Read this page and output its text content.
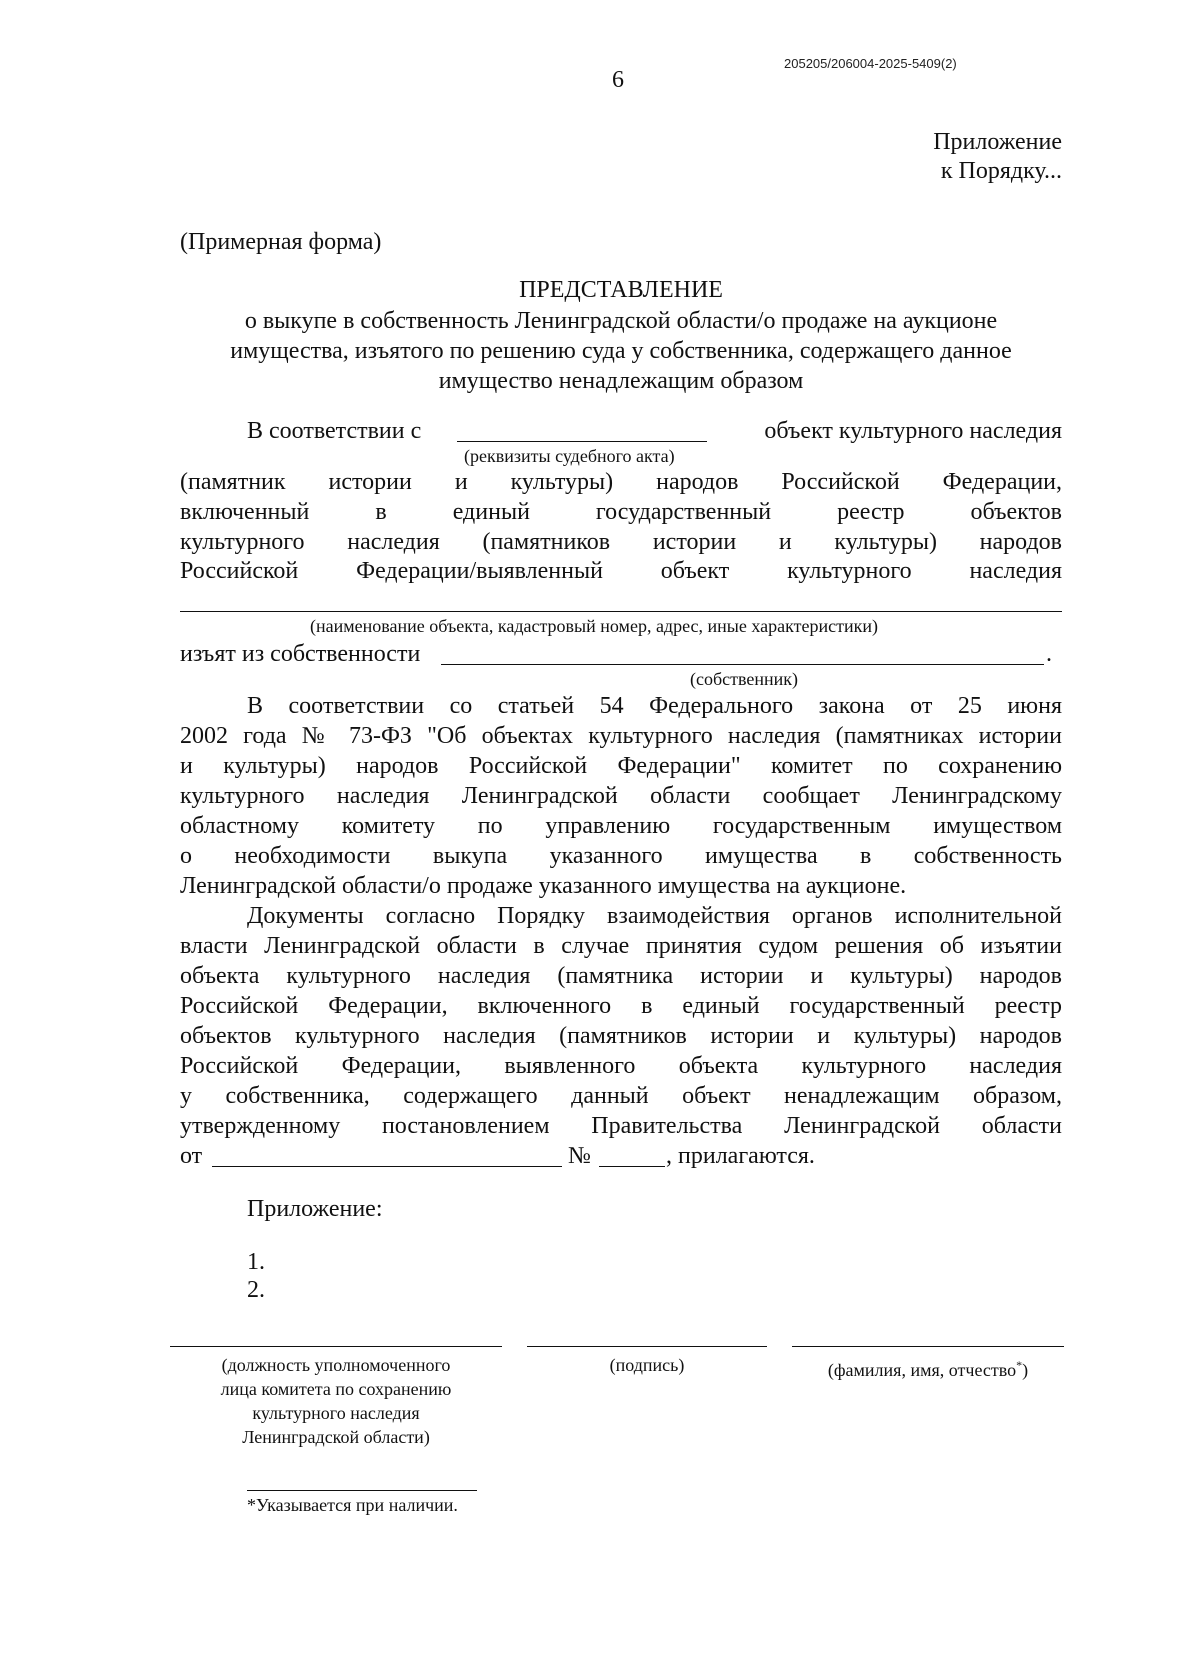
6
205205/206004-2025-5409(2)
Приложение
к Порядку...
(Примерная форма)
ПРЕДСТАВЛЕНИЕ
о выкупе в собственность Ленинградской области/о продаже на аукционе
имущества, изъятого по решению суда у собственника, содержащего данное
имущество ненадлежащим образом
В соответствии с	объект культурного наследия
(реквизиты судебного акта)
(памятник истории и культуры) народов Российской Федерации,
включенный в единый государственный реестр объектов
культурного наследия (памятников истории и культуры) народов
Российской Федерации/выявленный объект культурного наследия
(наименование объекта, кадастровый номер, адрес, иные характеристики)
изъят из собственности	.
(собственник)
В соответствии со статьей 54 Федерального закона от 25 июня
2002 года № 73-ФЗ "Об объектах культурного наследия (памятниках истории
и культуры) народов Российской Федерации" комитет по сохранению
культурного наследия Ленинградской области сообщает Ленинградскому
областному комитету по управлению государственным имуществом
о необходимости выкупа указанного имущества в собственность
Ленинградской области/о продаже указанного имущества на аукционе.
Документы согласно Порядку взаимодействия органов исполнительной
власти Ленинградской области в случае принятия судом решения об изъятии
объекта культурного наследия (памятника истории и культуры) народов
Российской Федерации, включенного в единый государственный реестр
объектов культурного наследия (памятников истории и культуры) народов
Российской Федерации, выявленного объекта культурного наследия
у собственника, содержащего данный объект ненадлежащим образом,
утвержденному постановлением Правительства Ленинградской области
от	№	, прилагаются.
Приложение:
1.
2.
(должность уполномоченного
лица комитета по сохранению
культурного наследия
Ленинградской области)
(подпись)	(фамилия, имя, отчество*)
*Указывается при наличии.
